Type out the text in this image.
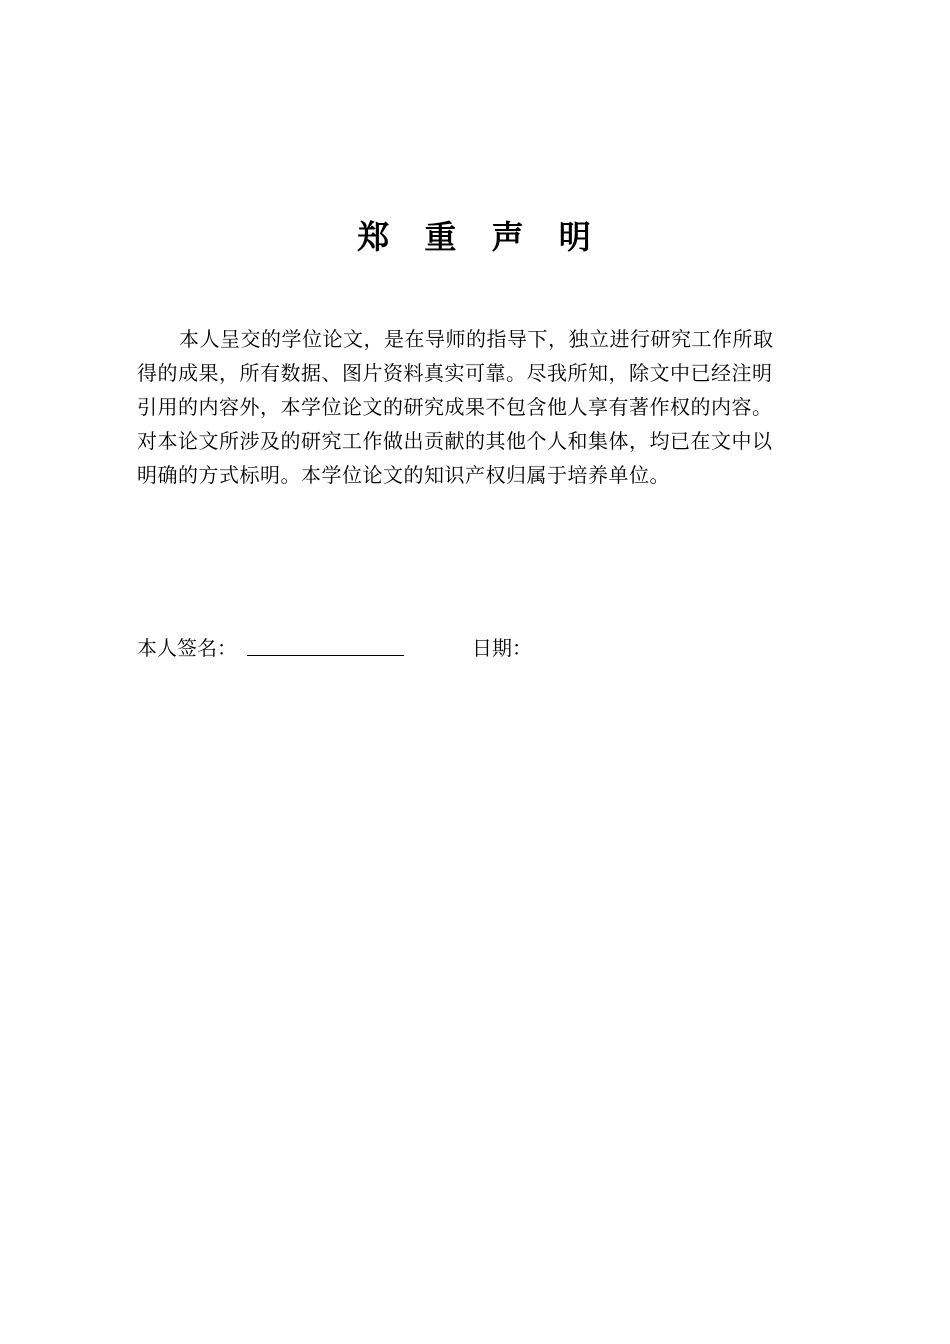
郑 重 声 明
本人呈交的学位论文，是在导师的指导下，独立进行研究工作所取
得的成果，所有数据、图片资料真实可靠。尽我所知，除文中已经注明
引用的内容外，本学位论文的研究成果不包含他人享有著作权的内容。
对本论文所涉及的研究工作做出贡献的其他个人和集体，均已在文中以
明确的方式标明。本学位论文的知识产权归属于培养单位。
本人签名：	日期：
